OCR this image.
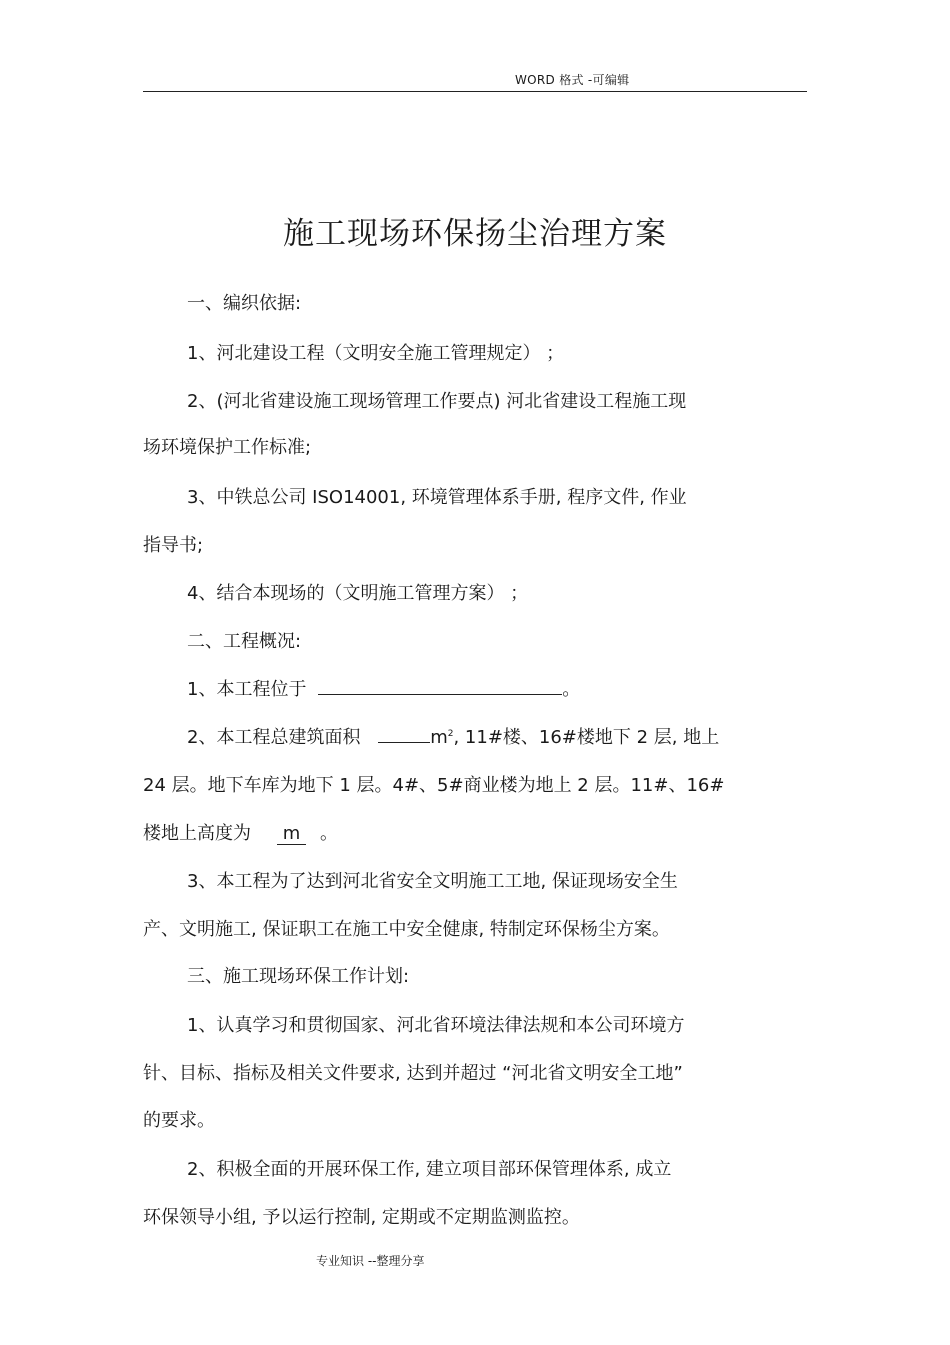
WORD 格式 -可编辑
施工现场环保扬尘治理方案
一、编织依据:
1、河北建设工程（文明安全施工管理规定） ；
2、(河北省建设施工现场管理工作要点) 河北省建设工程施工现
场环境保护工作标准;
3、中铁总公司 ISO14001, 环境管理体系手册, 程序文件, 作业
指导书;
4、结合本现场的（文明施工管理方案） ；
二、工程概况:
1、本工程位于	。
2、本工程总建筑面积	$m^2$, 11#楼、16#楼地下 2 层, 地上
24 层。地下车库为地下 1 层。4#、5#商业楼为地上 2 层。11#、16#
楼地上高度为 m 。
3、本工程为了达到河北省安全文明施工工地, 保证现场安全生
产、文明施工, 保证职工在施工中安全健康, 特制定环保杨尘方案。
三、施工现场环保工作计划:
1、认真学习和贯彻国家、河北省环境法律法规和本公司环境方
针、目标、指标及相关文件要求, 达到并超过 “河北省文明安全工地”
的要求。
2、积极全面的开展环保工作, 建立项目部环保管理体系, 成立
环保领导小组, 予以运行控制, 定期或不定期监测监控。
专业知识 --整理分享
